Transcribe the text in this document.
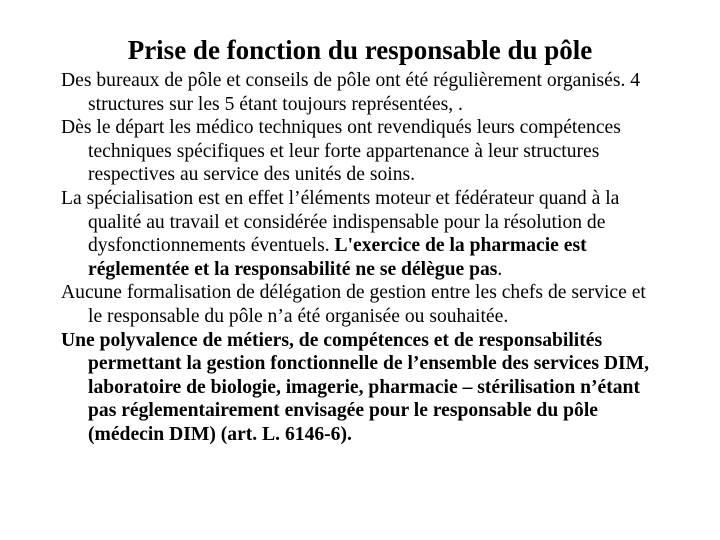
Prise de fonction du responsable du pôle

Des bureaux de pôle et conseils de pôle ont été régulièrement organisés. 4 structures sur les 5 étant toujours représentées, .

Dès le départ les médico techniques ont revendiqués leurs compétences techniques spécifiques et leur forte appartenance à leur structures respectives au service des unités de soins.

La spécialisation est en effet l’éléments moteur et fédérateur quand à la qualité au travail et considérée indispensable pour la résolution de dysfonctionnements éventuels. L'exercice de la pharmacie est réglementée et la responsabilité ne se délègue pas.

Aucune formalisation de délégation de gestion entre les chefs de service et le responsable du pôle n’a été organisée ou souhaitée.

Une polyvalence de métiers, de compétences et de responsabilités permettant la gestion fonctionnelle de l’ensemble des services DIM, laboratoire de biologie, imagerie, pharmacie – stérilisation n’étant pas réglementairement envisagée pour le responsable du pôle (médecin DIM) (art. L. 6146-6).
